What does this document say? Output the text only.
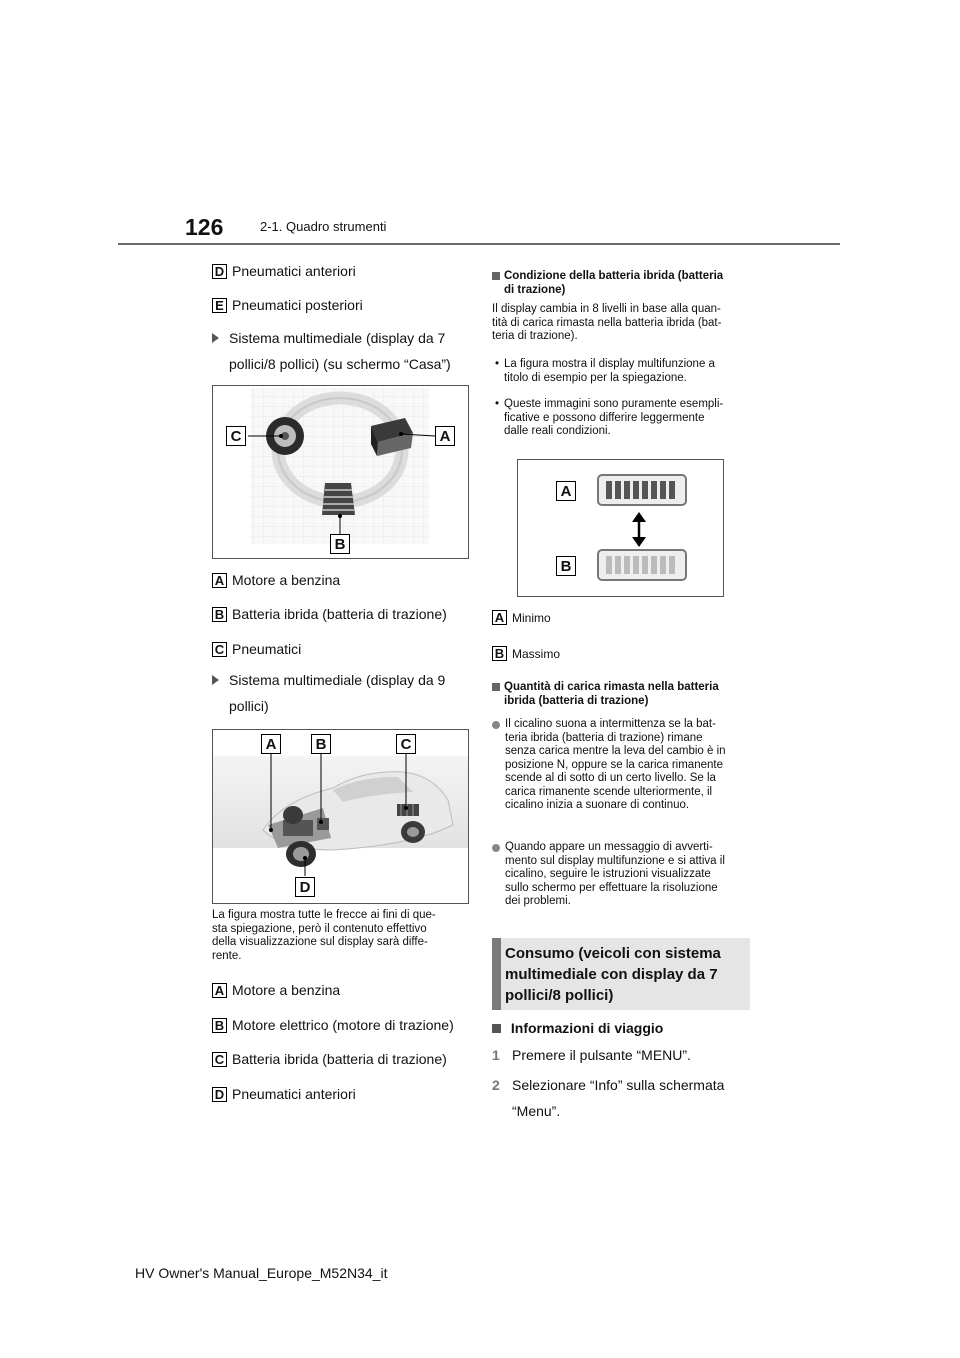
126	2-1. Quadro strumenti
D Pneumatici anteriori
E Pneumatici posteriori
Sistema multimediale (display da 7
pollici/8 pollici) (su schermo “Casa”)
C	A
B
A Motore a benzina
B Batteria ibrida (batteria di trazione)
C Pneumatici
Sistema multimediale (display da 9
pollici)
A	B	C
D
La figura mostra tutte le frecce ai fini di que-
sta spiegazione, però il contenuto effettivo
della visualizzazione sul display sarà diffe-
rente.
A Motore a benzina
B Motore elettrico (motore di trazione)
C Batteria ibrida (batteria di trazione)
D Pneumatici anteriori
Condizione della batteria ibrida (batteria
di trazione)
Il display cambia in 8 livelli in base alla quan-
tità di carica rimasta nella batteria ibrida (bat-
teria di trazione).
• La figura mostra il display multifunzione a
titolo di esempio per la spiegazione.
• Queste immagini sono puramente esempli-
ficative e possono differire leggermente
dalle reali condizioni.
A
B
A Minimo
B Massimo
Quantità di carica rimasta nella batteria
ibrida (batteria di trazione)
Il cicalino suona a intermittenza se la bat-
teria ibrida (batteria di trazione) rimane
senza carica mentre la leva del cambio è in
posizione N, oppure se la carica rimanente
scende al di sotto di un certo livello. Se la
carica rimanente scende ulteriormente, il
cicalino inizia a suonare di continuo.
Quando appare un messaggio di avverti-
mento sul display multifunzione e si attiva il
cicalino, seguire le istruzioni visualizzate
sullo schermo per effettuare la risoluzione
dei problemi.
Consumo (veicoli con sistema
multimediale con display da 7
pollici/8 pollici)
Informazioni di viaggio
1 Premere il pulsante “MENU”.
2 Selezionare “Info” sulla schermata
“Menu”.
HV Owner's Manual_Europe_M52N34_it
